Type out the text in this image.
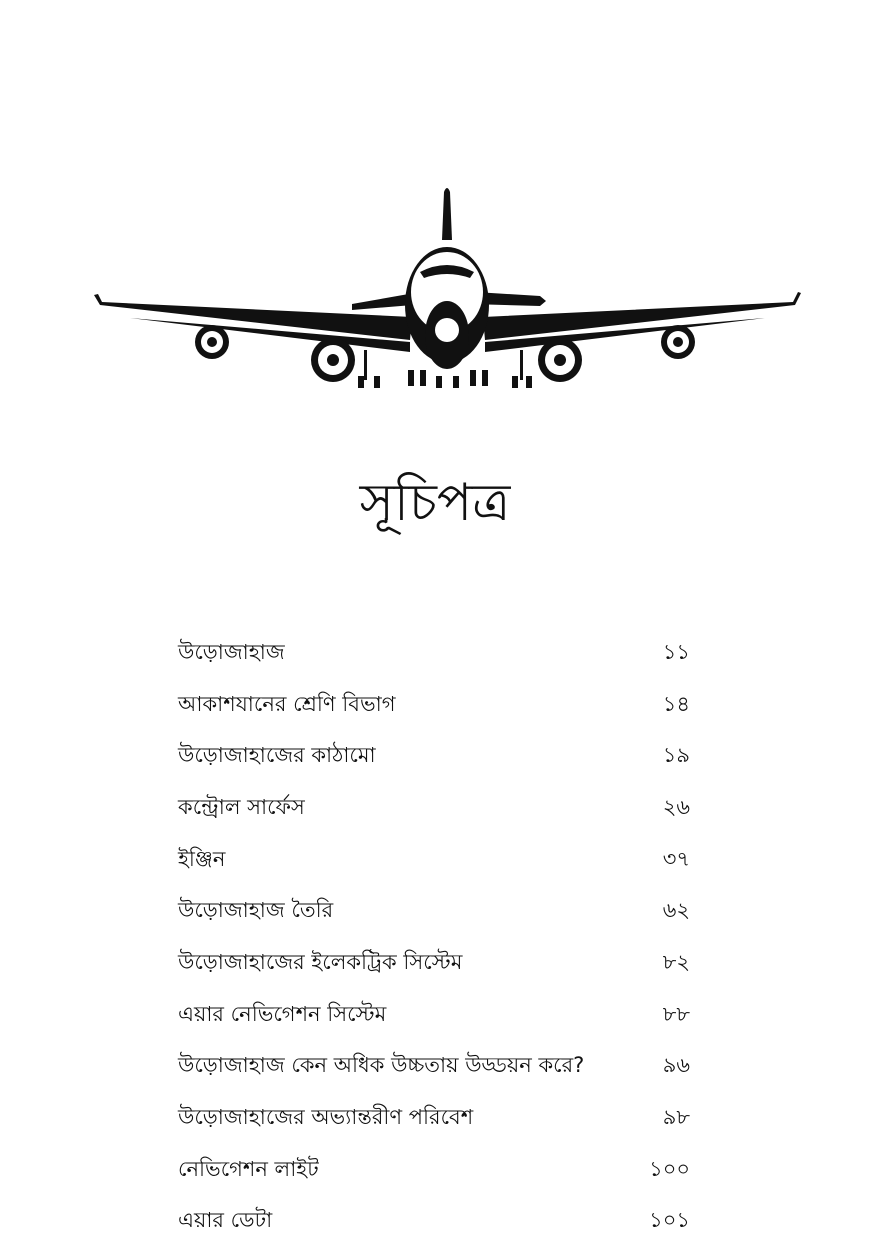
সূচিপত্র
উড়োজাহাজ	১১
আকাশযানের শ্রেণি বিভাগ	১৪
উড়োজাহাজের কাঠামো	১৯
কন্ট্রোল সার্ফেস	২৬
ইঞ্জিন	৩৭
উড়োজাহাজ তৈরি	৬২
উড়োজাহাজের ইলেকট্রিক সিস্টেম	৮২
এয়ার নেভিগেশন সিস্টেম	৮৮
উড়োজাহাজ কেন অধিক উচ্চতায় উড্ডয়ন করে?	৯৬
উড়োজাহাজের অভ্যান্তরীণ পরিবেশ	৯৮
নেভিগেশন লাইট	১০০
এয়ার ডেটা	১০১
